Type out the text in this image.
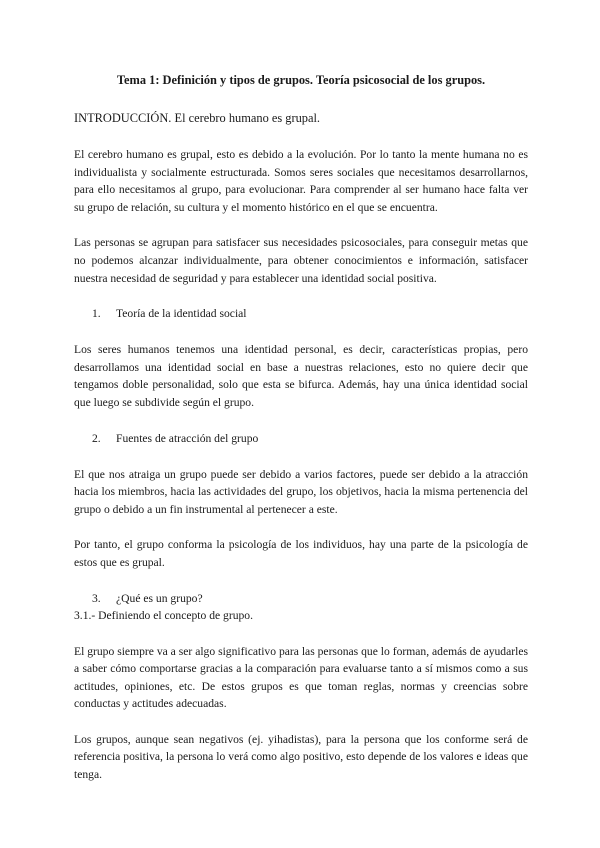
Tema 1: Definición y tipos de grupos. Teoría psicosocial de los grupos.
INTRODUCCIÓN. El cerebro humano es grupal.

El cerebro humano es grupal, esto es debido a la evolución. Por lo tanto la mente humana no es individualista y socialmente estructurada. Somos seres sociales que necesitamos desarrollarnos, para ello necesitamos al grupo, para evolucionar. Para comprender al ser humano hace falta ver su grupo de relación, su cultura y el momento histórico en el que se encuentra.

Las personas se agrupan para satisfacer sus necesidades psicosociales, para conseguir metas que no podemos alcanzar individualmente, para obtener conocimientos e información, satisfacer nuestra necesidad de seguridad y para establecer una identidad social positiva.

1.	Teoría de la identidad social

Los seres humanos tenemos una identidad personal, es decir, características propias, pero desarrollamos una identidad social en base a nuestras relaciones, esto no quiere decir que tengamos doble personalidad, solo que esta se bifurca. Además, hay una única identidad social que luego se subdivide según el grupo.

2.	Fuentes de atracción del grupo

El que nos atraiga un grupo puede ser debido a varios factores, puede ser debido a la atracción hacia los miembros, hacia las actividades del grupo, los objetivos, hacia la misma pertenencia del grupo o debido a un fin instrumental al pertenecer a este.

Por tanto, el grupo conforma la psicología de los individuos, hay una parte de la psicología de estos que es grupal.

3.	¿Qué es un grupo?
3.1.- Definiendo el concepto de grupo.

El grupo siempre va a ser algo significativo para las personas que lo forman, además de ayudarles a saber cómo comportarse gracias a la comparación para evaluarse tanto a sí mismos como a sus actitudes, opiniones, etc. De estos grupos es que toman reglas, normas y creencias sobre conductas y actitudes adecuadas.

Los grupos, aunque sean negativos (ej. yihadistas), para la persona que los conforme será de referencia positiva, la persona lo verá como algo positivo, esto depende de los valores e ideas que tenga.
